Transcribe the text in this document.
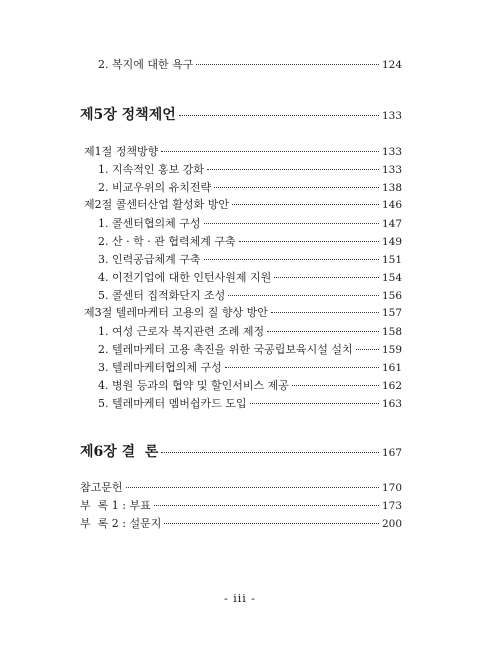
2. 복지에 대한 욕구	124
제5장 정책제언	133
제1절 정책방향	133
1. 지속적인 홍보 강화	133
2. 비교우위의 유치전략	138
제2절 콜센터산업 활성화 방안	146
1. 콜센터협의체 구성	147
2. 산 · 학 · 관 협력체계 구축	149
3. 인력공급체계 구축	151
4. 이전기업에 대한 인턴사원제 지원	154
5. 콜센터 집적화단지 조성	156
제3절 텔레마케터 고용의 질 향상 방안	157
1. 여성 근로자 복지관련 조례 제정	158
2. 텔레마케터 고용 촉진을 위한 국공립보육시설 설치	159
3. 텔레마케터협의체 구성	161
4. 병원 등과의 협약 및 할인서비스 제공	162
5. 텔레마케터 멤버쉽카드 도입	163
제6장 결  론	167
참고문헌	170
부  록 1 : 부표	173
부  록 2 : 설문지	200
- iii -
